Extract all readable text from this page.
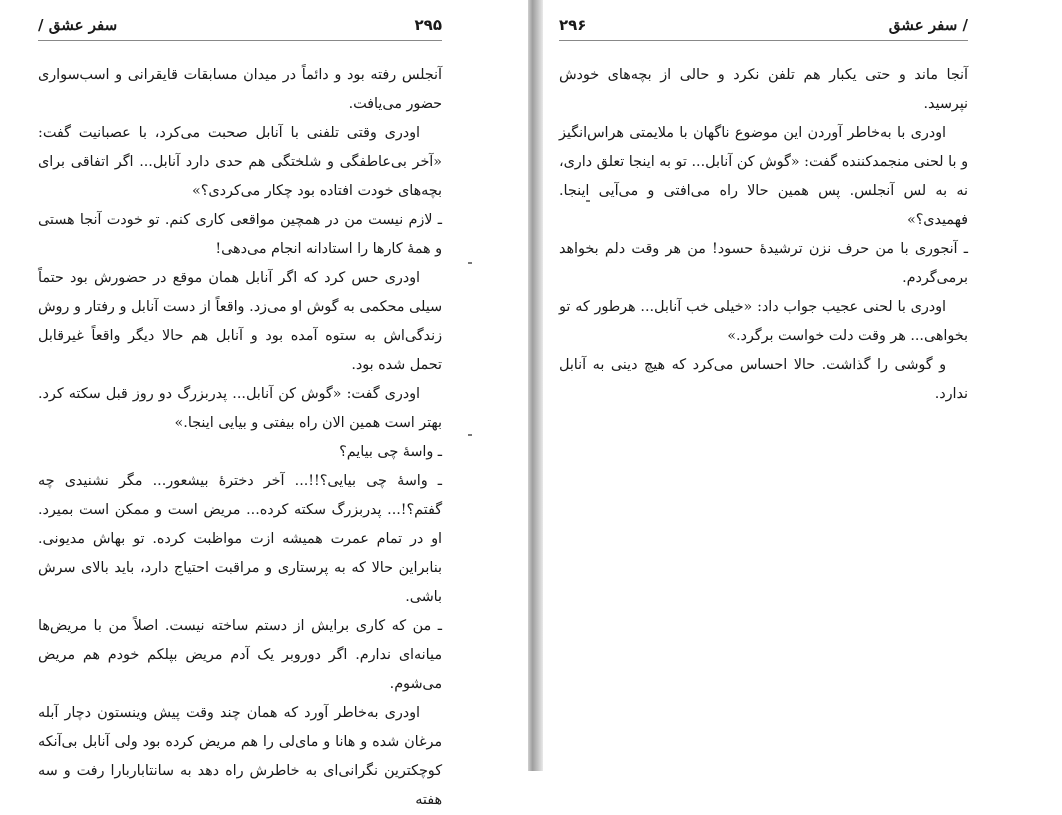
سفر عشق /	۲۹۵

آنجلس رفته بود و دائماً در میدان مسابقات قایقرانی و اسب‌سواری حضور می‌یافت.

اودری وقتی تلفنی با آنابل صحبت می‌کرد، با عصبانیت گفت: «آخر بی‌عاطفگی و شلختگی هم حدی دارد آنابل... اگر اتفاقی برای بچه‌های خودت افتاده بود چکار می‌کردی؟»

ـ لازم نیست من در همچین مواقعی کاری کنم. تو خودت آنجا هستی و همهٔ کارها را استادانه انجام می‌دهی!

اودری حس کرد که اگر آنابل همان موقع در حضورش بود حتماً سیلی محکمی به گوش او می‌زد. واقعاً از دست آنابل و رفتار و روش زندگی‌اش به ستوه آمده بود و آنابل هم حالا دیگر واقعاً غیرقابل تحمل شده بود.

اودری گفت: «گوش کن آنابل... پدربزرگ دو روز قبل سکته کرد. بهتر است همین الان راه بیفتی و بیایی اینجا.»

ـ واسهٔ چی بیایم؟

ـ واسهٔ چی بیایی؟!!... آخر دخترهٔ بیشعور... مگر نشنیدی چه گفتم؟!... پدربزرگ سکته کرده... مریض است و ممکن است بمیرد. او در تمام عمرت همیشه ازت مواظبت کرده. تو بهاش مدیونی. بنابراین حالا که به پرستاری و مراقبت احتیاج دارد، باید بالای سرش باشی.

ـ من که کاری برایش از دستم ساخته نیست. اصلاً من با مریض‌ها میانه‌ای ندارم. اگر دوروبر یک آدم مریض بپلکم خودم هم مریض می‌شوم.

اودری به‌خاطر آورد که همان چند وقت پیش وینستون دچار آبله مرغان شده و هانا و مای‌لی را هم مریض کرده بود ولی آنابل بی‌آنکه کوچکترین نگرانی‌ای به خاطرش راه دهد به سانتاباربارا رفت و سه هفته

/ سفر عشق
۲۹۶

آنجا ماند و حتی یکبار هم تلفن نکرد و حالی از بچه‌های خودش نپرسید.

اودری با به‌خاطر آوردن این موضوع ناگهان با ملایمتی هراس‌انگیز و با لحنی منجمدکننده گفت: «گوش کن آنابل... تو به اینجا تعلق داری، نه به لس آنجلس. پس همین حالا راه می‌افتی و می‌آیی اینجا. فهمیدی؟»

ـ آنجوری با من حرف نزن ترشیدهٔ حسود! من هر وقت دلم بخواهد برمی‌گردم.

اودری با لحنی عجیب جواب داد: «خیلی خب آنابل... هرطور که تو بخواهی... هر وقت دلت خواست برگرد.»

و گوشی را گذاشت. حالا احساس می‌کرد که هیچ دینی به آنابل ندارد.
